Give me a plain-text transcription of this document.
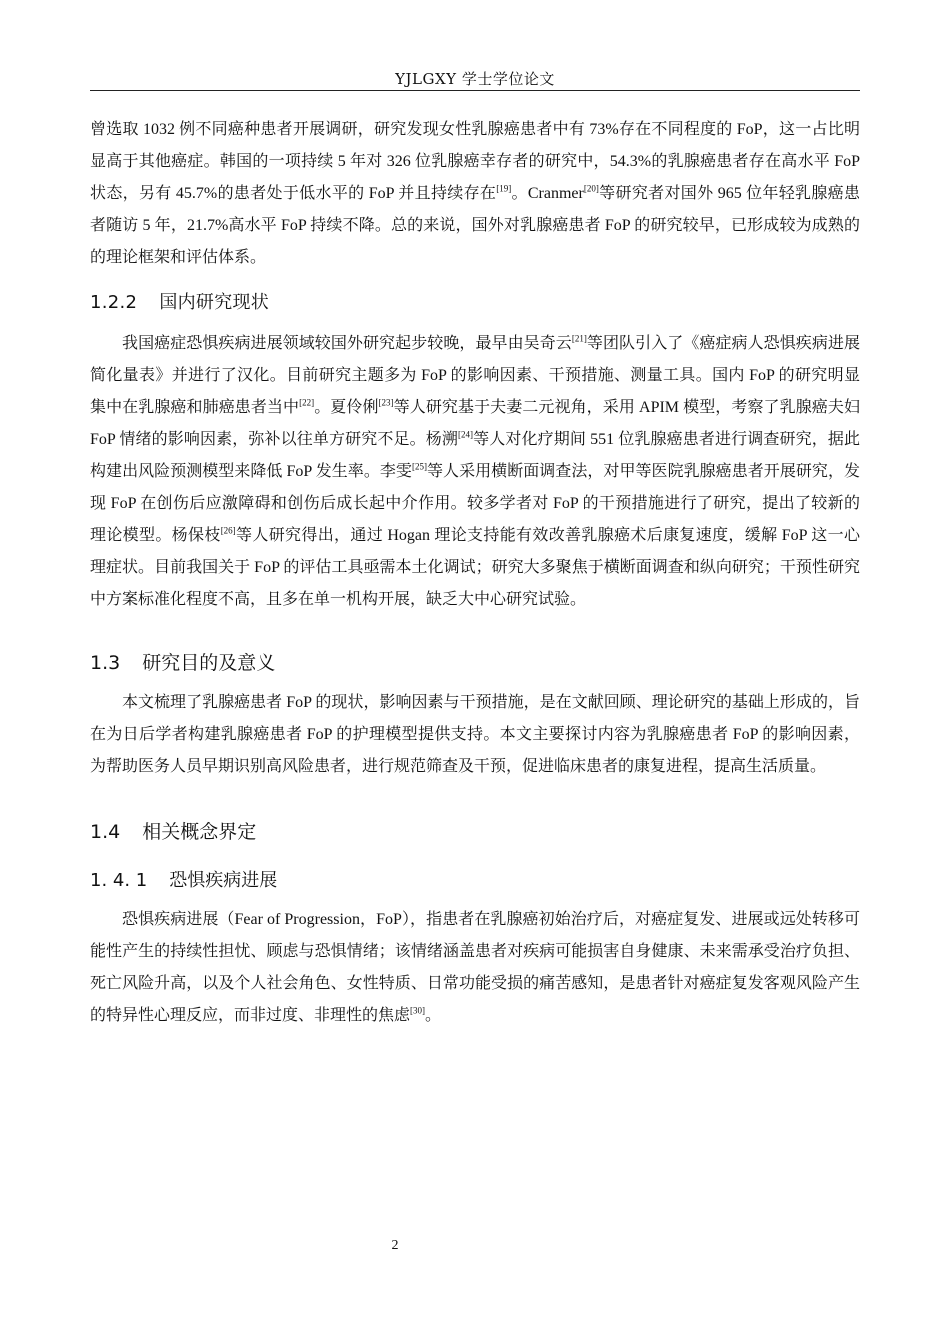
YJLGXY 学士学位论文

曾选取 1032 例不同癌种患者开展调研，研究发现女性乳腺癌患者中有 73%存在不同程度的 FoP，这一占比明显高于其他癌症。韩国的一项持续 5 年对 326 位乳腺癌幸存者的研究中，54.3%的乳腺癌患者存在高水平 FoP 状态，另有 45.7%的患者处于低水平的 FoP 并且持续存在[19]。Cranmer[20]等研究者对国外 965 位年轻乳腺癌患者随访 5 年，21.7%高水平 FoP 持续不降。总的来说，国外对乳腺癌患者 FoP 的研究较早，已形成较为成熟的的理论框架和评估体系。

1.2.2 国内研究现状

我国癌症恐惧疾病进展领域较国外研究起步较晚，最早由吴奇云[21]等团队引入了《癌症病人恐惧疾病进展简化量表》并进行了汉化。目前研究主题多为 FoP 的影响因素、干预措施、测量工具。国内 FoP 的研究明显集中在乳腺癌和肺癌患者当中[22]。夏伶俐[23]等人研究基于夫妻二元视角，采用 APIM 模型，考察了乳腺癌夫妇 FoP 情绪的影响因素，弥补以往单方研究不足。杨溯[24]等人对化疗期间 551 位乳腺癌患者进行调查研究，据此构建出风险预测模型来降低 FoP 发生率。李雯[25]等人采用横断面调查法，对甲等医院乳腺癌患者开展研究，发现 FoP 在创伤后应激障碍和创伤后成长起中介作用。较多学者对 FoP 的干预措施进行了研究，提出了较新的理论模型。杨保枝[26]等人研究得出，通过 Hogan 理论支持能有效改善乳腺癌术后康复速度，缓解 FoP 这一心理症状。目前我国关于 FoP 的评估工具亟需本土化调试；研究大多聚焦于横断面调查和纵向研究；干预性研究中方案标准化程度不高，且多在单一机构开展，缺乏大中心研究试验。

1.3 研究目的及意义

本文梳理了乳腺癌患者 FoP 的现状，影响因素与干预措施，是在文献回顾、理论研究的基础上形成的，旨在为日后学者构建乳腺癌患者 FoP 的护理模型提供支持。本文主要探讨内容为乳腺癌患者 FoP 的影响因素，为帮助医务人员早期识别高风险患者，进行规范筛查及干预，促进临床患者的康复进程，提高生活质量。

1.4 相关概念界定
1. 4. 1 恐惧疾病进展

恐惧疾病进展（Fear of Progression，FoP），指患者在乳腺癌初始治疗后，对癌症复发、进展或远处转移可能性产生的持续性担忧、顾虑与恐惧情绪；该情绪涵盖患者对疾病可能损害自身健康、未来需承受治疗负担、死亡风险升高，以及个人社会角色、女性特质、日常功能受损的痛苦感知，是患者针对癌症复发客观风险产生的特异性心理反应，而非过度、非理性的焦虑[30]。

2
